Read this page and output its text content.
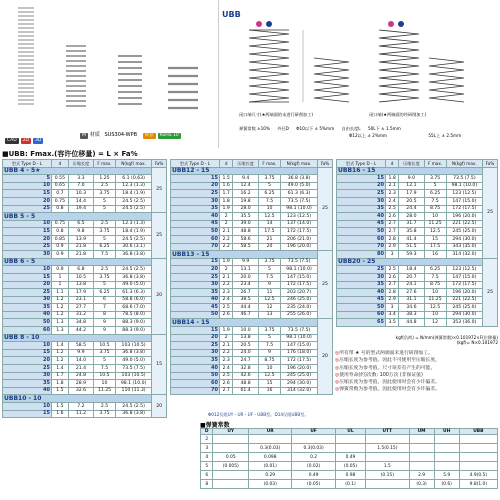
CAD 2D 3D
M 材质 SUS304-WPB 库存 RoHS 10
UBB
闭口端尺寸(★两端面的未进行研削加工)	闭口端(★两端面的经研削加工)
弹簧常数 ±10% 外径D Φ10以下 ± 5%mm 自由长度L 50L下 ± 1.5mm
Φ12以上 ± 2%mm	55L上 ± 2.5mm
■UBB: Fmax.(容许位移量) = L × Fa%
型式 Type D - L	d	压缩长度	F max.	N(kgf) max.	Fa%
UBB 4 - 5★					25
5	0.55	3.3	1.25	6.1 (0.63)	
10	0.65	7.0	2.5	12.3 (1.3)	
15	0.7	10.3	3.75	18.4 (1.9)	
20	0.75	14.4	5	24.5 (2.5)	
25	0.8	19.4	5	24.5 (2.5)	
UBB 5 - 5					25
10	0.75	6.5	2.5	12.3 (1.3)	
15	0.8	9.8	3.75	18.4 (1.9)	
20	0.85	13.9	5	24.5 (2.5)	
25	0.9	21.8	6.25	30.6 (3.1)	
30	0.9	21.8	7.5	36.8 (3.8)	
UBB 6 - 5					20
10	0.9	6.8	2.5	24.5 (2.5)	
15	1	10.5	3.75	36.8 (3.8)	
20	1	13.8	5	49.0 (5.0)	
25	1.1	17.9	6.25	61.3 (6.3)	
30	1.2	23.1	6	58.8 (6.0)	
35	1.2	27.7	7	68.6 (7.0)	
40	1.2	31.2	8	78.5 (8.0)	
50	1.3	34.8	9	88.3 (9.0)	
60	1.3	44.2	9	88.3 (9.0)	
UBB 8 - 10					15
10	1.4	58.5	10.5	103 (10.5)	
15	1.2	9.9	3.75	36.8 (3.8)	
20	1.2	14.0	5	49.0 (5.0)	
25	1.4	21.4	7.5	73.5 (7.5)	
30	1.7	24.8	10.5	103 (10.5)	
35	1.8	28.9	10	98.1 (10.0)	
40	1.5	32.6	11.25	110 (11.3)	
UBB10 - 10					20
10	1.5	7.2	2.5	24.5 (2.5)	
15	1.6	11.2	3.75	36.8 (3.8)	
型式 Type D - L	d	压缩长度	F max.	N(kgf) max.	Fa%
UBB12 - 15					25
15	1.5	9.4	3.75	36.8 (3.8)	
20	1.6	12.4	5	49.0 (5.0)	
25	1.7	16.2	6.25	61.3 (6.3)	
30	1.8	19.8	7.5	73.5 (7.5)	
35	1.9	28.0	10	98.1 (10.0)	
40	2	35.5	12.5	123 (12.5)	
45	2	39.0	14	137 (14.0)	
50	2.1	48.8	17.5	172 (17.5)	
60	2.2	58.6	21	206 (21.0)	
70	2.2	58.5	20	196 (20.0)	
UBB13 - 15					25
15	1.9	9.9	3.75	73.5 (7.5)	
20	2	13.1	5	98.1 (10.0)	
25	2.1	20.0	7.5	147 (15.0)	
30	2.2	23.4	9	172 (17.5)	
35	2.3	26.7	11	203 (20.7)	
40	2.4	38.5	12.5	246 (25.0)	
45	2.5	44.4	12	235 (24.0)	
50	2.6	46.7	13	255 (26.0)	
UBB14 - 15					20
15	1.9	10.0	3.75	73.5 (7.5)	
20	2	13.8	5	98.1 (10.0)	
25	2.1	20.5	7.5	147 (15.0)	
30	2.2	24.0	9	176 (18.0)	
35	2.3	24.7	8.75	172 (17.5)	
40	2.4	32.8	10	196 (20.0)	
50	2.5	42.6	12.5	245 (25.0)	
60	2.6	48.8	15	294 (30.0)	
70	2.7	61.4	16	314 (32.0)	
型式 Type D - L	d	压缩长度	F max.	N(kgf) max.	Fa%
UBB16 - 15					25
15	1.8	9.0	3.75	73.5 (7.5)	
20	2.1	12.1	5	98.1 (10.0)	
25	2.3	17.9	6.25	123 (12.5)	
30	2.4	20.5	7.5	147 (15.0)	
35	2.5	24.4	8.75	172 (17.5)	
40	2.6	28.0	10	196 (20.0)	
45	2.7	31.7	11.25	221 (22.5)	
50	2.7	35.8	12.5	245 (25.0)	
60	2.8	41.4	15	294 (30.0)	
70	2.9	51.5	17.5	343 (35.0)	
80	3	59.3	16	314 (32.0)	
UBB20 - 25					25
25	2.5	18.4	6.25	123 (12.5)	
30	2.6	20.7	7.5	147 (15.0)	
35	2.7	24.1	8.75	172 (17.5)	
40	2.8	27.6	10	196 (20.0)	
45	2.9	31.1	11.25	221 (22.5)	
50	3	34.6	12.5	245 (25.0)	
60	3.4	38.3	10	294 (30.0)	
65	3.5	44.8	12	353 (36.0)	
kgf(负荷) = N/mm(弹簧常数)×0.101972×F(位移量)
(kgf)= N×0.101972
◎所有带 ★ 号的型式两端面未进行研削加工。
◎压缩长度为参考值。因此不可使用至压缩长度。
◎压缩长度为参考值。尺寸误差有产生的可能。
◎使用寿命(约)次数: 100万次 (非保证值)
◎压缩长度为参考值，因此使用时会有少许偏差。
◎弹簧常数为参考值。因此使用时会有少许偏差。
Φ012仅限UY・UR・UF・UBB型。D14仅限UBB型。
■弹簧常数
D	UY	UR	UF	UL	UTT	UM	UH	UBB
2								
3		0.3(0.03)	0.3(0.03)		1.5(0.15)			
4	0.05	0.098	0.2	0.49				
5	(0.005)	(0.01)	(0.02)	(0.05)	1.5			
6		0.29	0.49	0.98	(0.15)	2.9	5.9	4.9(0.5)
8		(0.03)	(0.05)	(0.1)		(0.3)	(0.6)	9.8(1.0)
